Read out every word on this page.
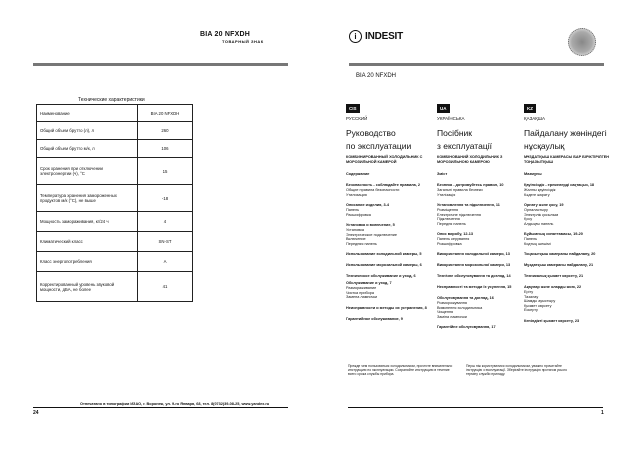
BIA 20 NFXDH
ТОВАРНЫЙ ЗНАК
Технические характеристики
Наименование	BIA 20 NFXDH
Общий объем брутто (л), л	260
Общий объем брутто м/к, л	106
Срок хранения при отключении электроэнергии (ч), °С	15
Температура хранения замороженных продуктов м/к (°С), не выше	-18
Мощность замораживания, кг/24 ч	4
Климатический класс	SN-ST
Класс энергопотребления	A
Корректированный уровень звуковой мощности, дБА, не более	41
Отпечатано в типографии ИЗАО, г. Воронеж, ул. 9-го Января, 68, тел. 8(0732)39-08-25, www.yandex.ru
24
i INDESIT
BIA 20 NFXDH
CIS
РУССКИЙ
Руководство
по эксплуатации
КОМБИНИРОВАННЫЙ ХОЛОДИЛЬНИК С МОРОЗИЛЬНОЙ КАМЕРОЙ
Содержание
Безопасность - соблюдайте правила, 2
Общие правила безопасности
Утилизация
Описание изделия, 3-4
Панель
Расшифровка
Установка и включение, 5
Установка
Электрическое подключение
Включение
Передняя панель
Использование холодильной камеры, 5
Использование морозильной камеры, 6
Техническое обслуживание и уход, 6
Обслуживание и уход, 7
Размораживание
Чистка прибора
Замена лампочки
Неисправности и методы их устранения, 8
Гарантийное обслуживание, 9
UA
УКРАЇНСЬКА
Посібник
з експлуатації
КОМБІНОВАНИЙ ХОЛОДИЛЬНИК З МОРОЗИЛЬНОЮ КАМЕРОЮ
Зміст
Безпека - дотримуйтесь правил, 10
Загальні правила безпеки
Утилізація
Установлення та підключення, 11
Розміщення
Електричне підключення
Підключення
Передня панель
Опис виробу, 12-13
Панель керування
Розшифровка
Використання холодильної камери, 13
Використання морозильної камери, 13
Технічне обслуговування та догляд, 14
Несправності та методи їх усунення, 15
Обслуговування та догляд, 16
Розморожування
Вимкнення холодильника
Чищення
Заміна лампочки
Гарантійне обслуговування, 17
KZ
ҚАЗАҚША
Пайдалану жөніндегі
нұсқаулық
МҰЗДАТҚЫШ КАМЕРАСЫ БАР БІРІКТІРІЛГЕН ТОҢАЗЫТҚЫШ
Мазмұны
Қауіпсіздік - ережелерді сақтаңыз, 18
Жалпы қауіпсіздік
Кәдеге жарату
Орнату және қосу, 19
Орналастыру
Электрлік қосылым
Қосу
Алдыңғы панель
Бұйымның сипаттамасы, 19-20
Панель
Кодтың шешімі
Тоңазытқыш камераны пайдалану, 20
Мұздатқыш камераны пайдалану, 21
Техникалық қызмет көрсету, 21
Ақаулар және оларды жою, 22
Еріту
Тазалау
Шамды ауыстыру
Қызмет көрсету
Ескерту
Кепілдікті қызмет көрсету, 23
Прежде чем пользоваться холодильником, прочтите внимательно инструкцию по эксплуатации. Сохраняйте инструкцию в течение всего срока службы прибора.
Перш ніж користуватися холодильником, уважно прочитайте інструкцію з експлуатації. Зберігайте інструкцію протягом усього терміну служби приладу.
1
